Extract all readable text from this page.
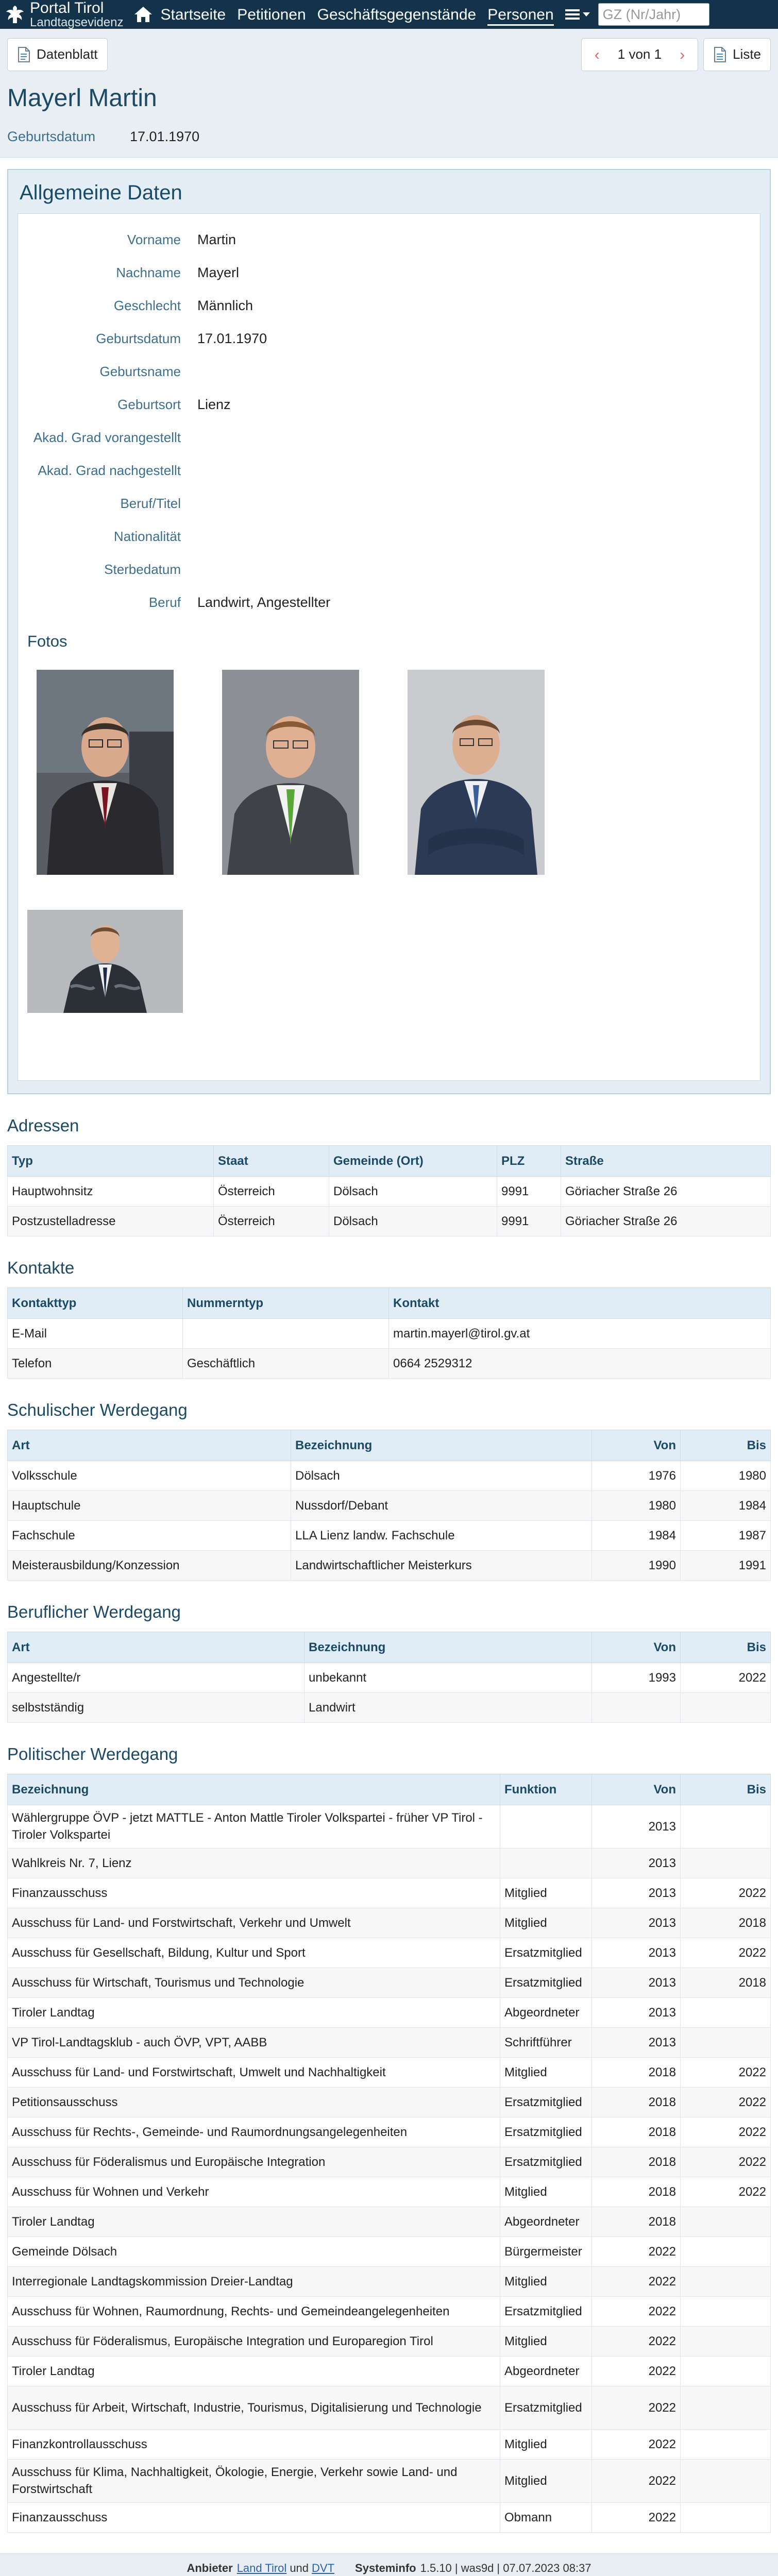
Portal Tirol
Landtagsevidenz Startseite Petitionen Geschäftsgegenstände Personen
GZ (Nr/Jahr)
Datenblatt	‹	1 von 1	›	Liste
Mayerl Martin
Geburtsdatum	17.01.1970
Allgemeine Daten
Vorname	Martin
Nachname	Mayerl
Geschlecht	Männlich
Geburtsdatum	17.01.1970
Geburtsname
Geburtsort	Lienz
Akad. Grad vorangestellt
Akad. Grad nachgestellt
Beruf/Titel
Nationalität
Sterbedatum
Beruf	Landwirt, Angestellter
Fotos
Adressen
Typ	Staat	Gemeinde (Ort)	PLZ	Straße
Hauptwohnsitz	Österreich	Dölsach	9991	Göriacher Straße 26
Postzustelladresse	Österreich	Dölsach	9991	Göriacher Straße 26
Kontakte
Kontakttyp	Nummerntyp	Kontakt
E-Mail		martin.mayerl@tirol.gv.at
Telefon	Geschäftlich	0664 2529312
Schulischer Werdegang
Art	Bezeichnung	Von	Bis
Volksschule	Dölsach	1976	1980
Hauptschule	Nussdorf/Debant	1980	1984
Fachschule	LLA Lienz landw. Fachschule	1984	1987
Meisterausbildung/Konzession	Landwirtschaftlicher Meisterkurs	1990	1991
Beruflicher Werdegang
Art	Bezeichnung	Von	Bis
Angestellte/r	unbekannt	1993	2022
selbstständig	Landwirt		
Politischer Werdegang
Bezeichnung	Funktion	Von	Bis
Wählergruppe ÖVP - jetzt MATTLE - Anton Mattle Tiroler Volkspartei - früher VP Tirol - Tiroler Volkspartei		2013	
Wahlkreis Nr. 7, Lienz		2013	
Finanzausschuss	Mitglied	2013	2022
Ausschuss für Land- und Forstwirtschaft, Verkehr und Umwelt	Mitglied	2013	2018
Ausschuss für Gesellschaft, Bildung, Kultur und Sport	Ersatzmitglied	2013	2022
Ausschuss für Wirtschaft, Tourismus und Technologie	Ersatzmitglied	2013	2018
Tiroler Landtag	Abgeordneter	2013	
VP Tirol-Landtagsklub - auch ÖVP, VPT, AABB	Schriftführer	2013	
Ausschuss für Land- und Forstwirtschaft, Umwelt und Nachhaltigkeit	Mitglied	2018	2022
Petitionsausschuss	Ersatzmitglied	2018	2022
Ausschuss für Rechts-, Gemeinde- und Raumordnungsangelegenheiten	Ersatzmitglied	2018	2022
Ausschuss für Föderalismus und Europäische Integration	Ersatzmitglied	2018	2022
Ausschuss für Wohnen und Verkehr	Mitglied	2018	2022
Tiroler Landtag	Abgeordneter	2018	
Gemeinde Dölsach	Bürgermeister	2022	
Interregionale Landtagskommission Dreier-Landtag	Mitglied	2022	
Ausschuss für Wohnen, Raumordnung, Rechts- und Gemeindeangelegenheiten	Ersatzmitglied	2022	
Ausschuss für Föderalismus, Europäische Integration und Europaregion Tirol	Mitglied	2022	
Tiroler Landtag	Abgeordneter	2022	
Ausschuss für Arbeit, Wirtschaft, Industrie, Tourismus, Digitalisierung und Technologie	Ersatzmitglied	2022	
Finanzkontrollausschuss	Mitglied	2022	
Ausschuss für Klima, Nachhaltigkeit, Ökologie, Energie, Verkehr sowie Land- und Forstwirtschaft	Mitglied	2022	
Finanzausschuss	Obmann	2022	
Anbieter Land Tirol und DVT Systeminfo 1.5.10 | was9d | 07.07.2023 08:37
